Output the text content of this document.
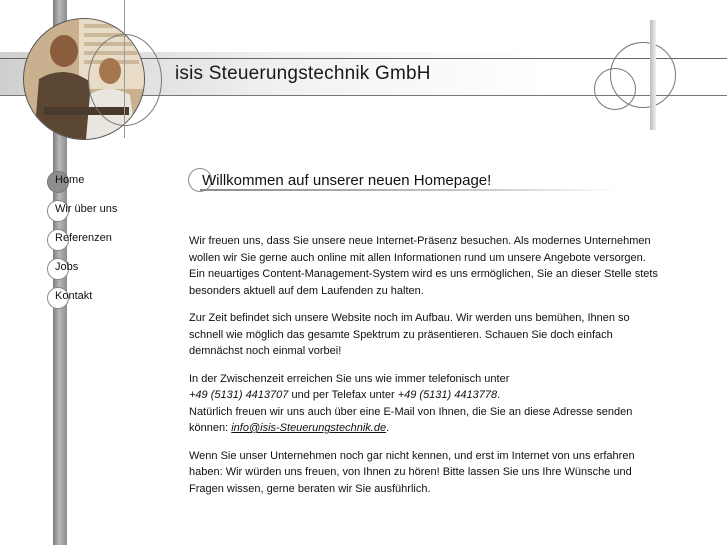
isis Steuerungstechnik GmbH
Home
Wir über uns
Referenzen
Jobs
Kontakt
Willkommen auf unserer neuen Homepage!

Wir freuen uns, dass Sie unsere neue Internet-Präsenz besuchen. Als modernes Unternehmen wollen wir Sie gerne auch online mit allen Informationen rund um unsere Angebote versorgen. Ein neuartiges Content-Management-System wird es uns ermöglichen, Sie an dieser Stelle stets besonders aktuell auf dem Laufenden zu halten.

Zur Zeit befindet sich unsere Website noch im Aufbau. Wir werden uns bemühen, Ihnen so schnell wie möglich das gesamte Spektrum zu präsentieren. Schauen Sie doch einfach demnächst noch einmal vorbei!

In der Zwischenzeit erreichen Sie uns wie immer telefonisch unter
+49 (5131) 4413707 und per Telefax unter +49 (5131) 4413778.
Natürlich freuen wir uns auch über eine E-Mail von Ihnen, die Sie an diese Adresse senden können: info@isis-Steuerungstechnik.de.

Wenn Sie unser Unternehmen noch gar nicht kennen, und erst im Internet von uns erfahren haben: Wir würden uns freuen, von Ihnen zu hören! Bitte lassen Sie uns Ihre Wünsche und Fragen wissen, gerne beraten wir Sie ausführlich.
